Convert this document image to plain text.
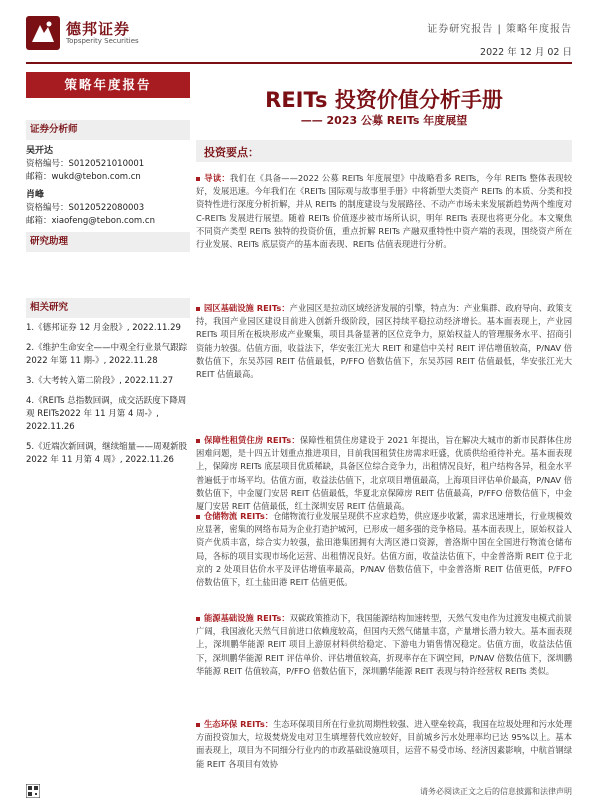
德邦证券
Topsperity Securities
证券研究报告 | 策略年度报告
2022 年 12 月 02 日
策略年度报告
证券分析师
吴开达
资格编号：S0120521010001
邮箱：wukd@tebon.com.cn
肖峰
资格编号：S0120522080003
邮箱：xiaofeng@tebon.com.cn
研究助理
相关研究
1.《德邦证券 12 月金股》, 2022.11.29
2.《维护生命安全——中观全行业景气跟踪 2022 年第 11 期-》, 2022.11.28
3.《大考转入第二阶段》, 2022.11.27
4.《REITs 总指数回调，成交活跃度下降周观 REITs2022 年 11 月第 4 周-》, 2022.11.26
5.《近端次新回调，继续缩量——周观新股 2022 年 11 月第 4 周》, 2022.11.26
REITs 投资价值分析手册
—— 2023 公募 REITs 年度展望
投资要点：
导读：我们在《具备——2022 公募 REITs 年度展望》中战略看多 REITs，今年 REITs 整体表现较好，发展迅速。今年我们在《REITs 国际观与故事里手册》中将新型大类资产 REITs 的本质、分类和投资特性进行深度分析折解，并从 REITs 的制度建设与发展路径、不动产市场未来发展新趋势两个维度对 C-REITs 发展进行展望。随着 REITs 价值逐步被市场所认识，明年 REITs 表现也将更分化。本文聚焦不同资产类型 REITs 独特的投资价值，重点折解 REITs 产融双重特性中资产端的表现，围绕资产所在行业发展、REITs 底层资产的基本面表现、REITs 估值表现进行分析。
园区基础设施 REITs：产业园区是拉动区域经济发展的引擎，特点为：产业集群、政府导向、政策支持，我国产业园区建设目前进入创新升级阶段，园区持续平稳拉动经济增长。基本面表现上，产业园 REITs 项目所在板块形成产业聚集，项目具备显著的区位竞争力，原始权益人的管理服务水平、招商引资能力较强。估值方面，收益法下，华安张江光大 REIT 和建信中关村 REIT 评估增值较高，P/NAV 倍数估值下，东吴苏园 REIT 估值最低，P/FFO 倍数估值下，东吴苏园 REIT 估值最低，华安张江光大 REIT 估值最高。
保障性租赁住房 REITs：保障性租赁住房建设于 2021 年提出，旨在解决大城市的新市民群体住房困难问题，是十四五计划重点推进项目，目前我国租赁住房需求旺盛，优质供给亟待补充。基本面表现上，保障房 REITs 底层项目优质稀缺，具备区位综合竞争力，出租情况良好，租户结构各异，租金水平普遍低于市场平均。估值方面，收益法估值下，北京项目增值最高，上海项目评估单价最高，P/NAV 倍数估值下，中金厦门安居 REIT 估值最低，华夏北京保障房 REIT 估值最高，P/FFO 倍数估值下，中金厦门安居 REIT 估值最低，红土深圳安居 REIT 估值最高。
仓储物流 REITs：仓储物流行业发展呈现供不应求趋势，供应逐步收紧，需求迅速增长，行业规模效应显著，密集的网络布局为企业打造护城河，已形成一超多强的竞争格局。基本面表现上，原始权益人资产优质丰富，综合实力较强，盐田港集团拥有大湾区港口资源，普洛斯中国在全国进行物流仓储布局，各标的项目实现市场化运营、出租情况良好。估值方面，收益法估值下，中金普洛斯 REIT 位于北京的 2 处项目估价水平及评估增值率最高，P/NAV 倍数估值下，中金普洛斯 REIT 估值更低，P/FFO 倍数估值下，红土盐田港 REIT 估值更低。
能源基础设施 REITs：双碳政策推动下，我国能源结构加速转型，天然气发电作为过渡发电模式前景广阔，我国液化天然气目前进口依赖度较高，但国内天然气储量丰富，产量增长潜力较大。基本面表现上，深圳鹏华能源 REIT 项目上游原材料供给稳定、下游电力销售情况稳定。估值方面，收益法估值下，深圳鹏华能源 REIT 评估单价、评估增值较高，折现率存在下调空间，P/NAV 倍数估值下，深圳鹏华能源 REIT 估值较高，P/FFO 倍数估值下，深圳鹏华能源 REIT 表现与特许经营权 REITs 类似。
生态环保 REITs：生态环保项目所在行业抗周期性较强、进入壁垒较高，我国在垃圾处理和污水处理方面投资加大，垃圾焚烧发电对卫生填埋替代效应较好，目前城乡污水处理率均已达 95%以上。基本面表现上，项目为不同细分行业内的市政基础设施项目，运营不易受市场、经济因素影响，中航首钢绿能 REIT 各项目有效协
请务必阅读正文之后的信息披露和法律声明
